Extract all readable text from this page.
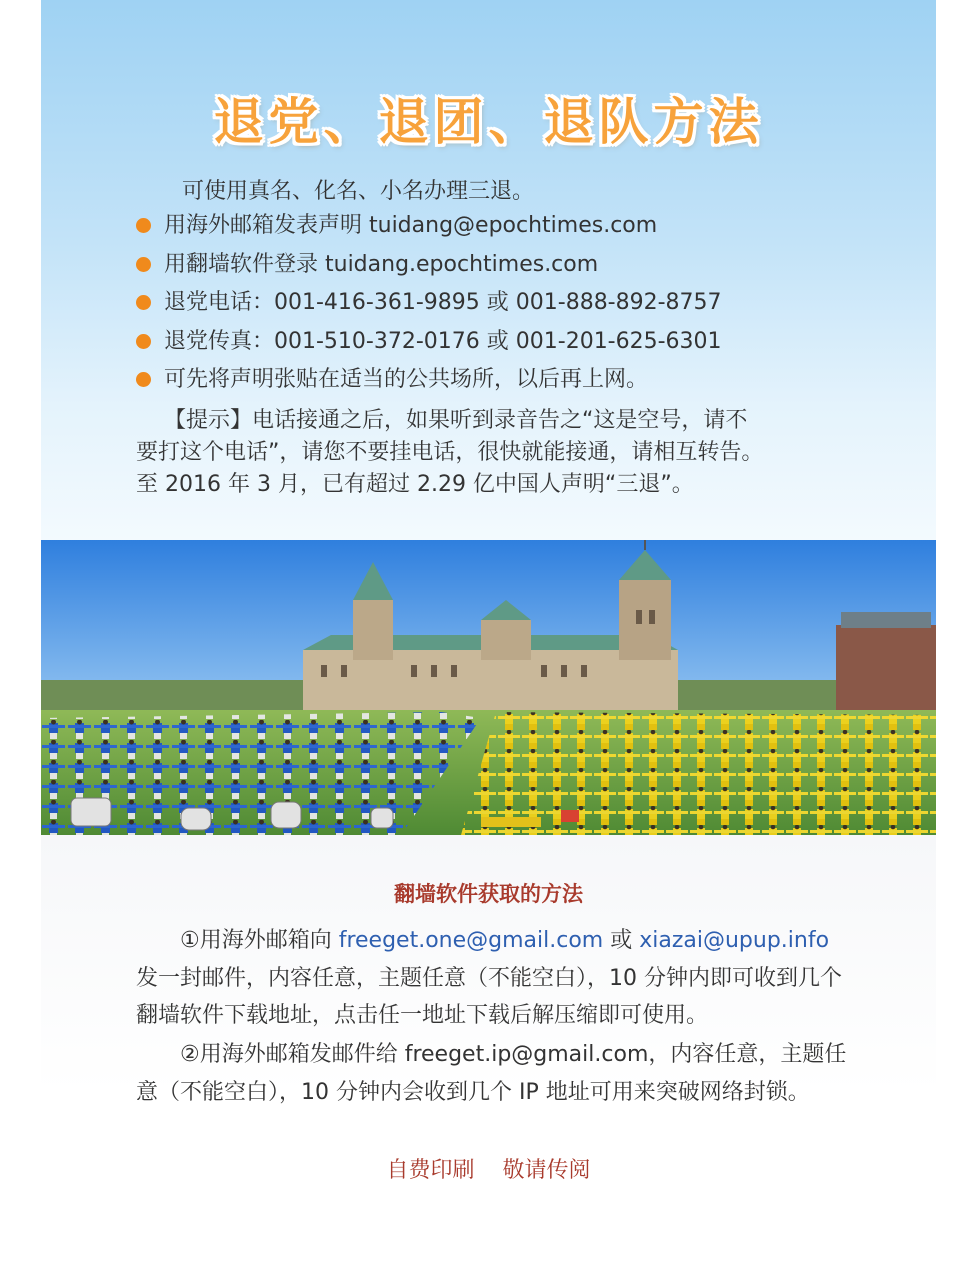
退党、退团、退队方法
可使用真名、化名、小名办理三退。
用海外邮箱发表声明 tuidang@epochtimes.com
用翻墙软件登录 tuidang.epochtimes.com
退党电话：001-416-361-9895 或 001-888-892-8757
退党传真：001-510-372-0176 或 001-201-625-6301
可先将声明张贴在适当的公共场所，以后再上网。

【提示】电话接通之后，如果听到录音告之“这是空号，请不

要打这个电话”，请您不要挂电话，很快就能接通，请相互转告。

至 2016 年 3 月，已有超过 2.29 亿中国人声明“三退”。

翻墙软件获取的方法

①用海外邮箱向 freeget.one@gmail.com 或 xiazai@upup.info 发一封邮件，内容任意，主题任意（不能空白），10 分钟内即可收到几个翻墙软件下载地址，点击任一地址下载后解压缩即可使用。

②用海外邮箱发邮件给 freeget.ip@gmail.com，内容任意，主题任意（不能空白），10 分钟内会收到几个 IP 地址可用来突破网络封锁。

自费印刷 敬请传阅
